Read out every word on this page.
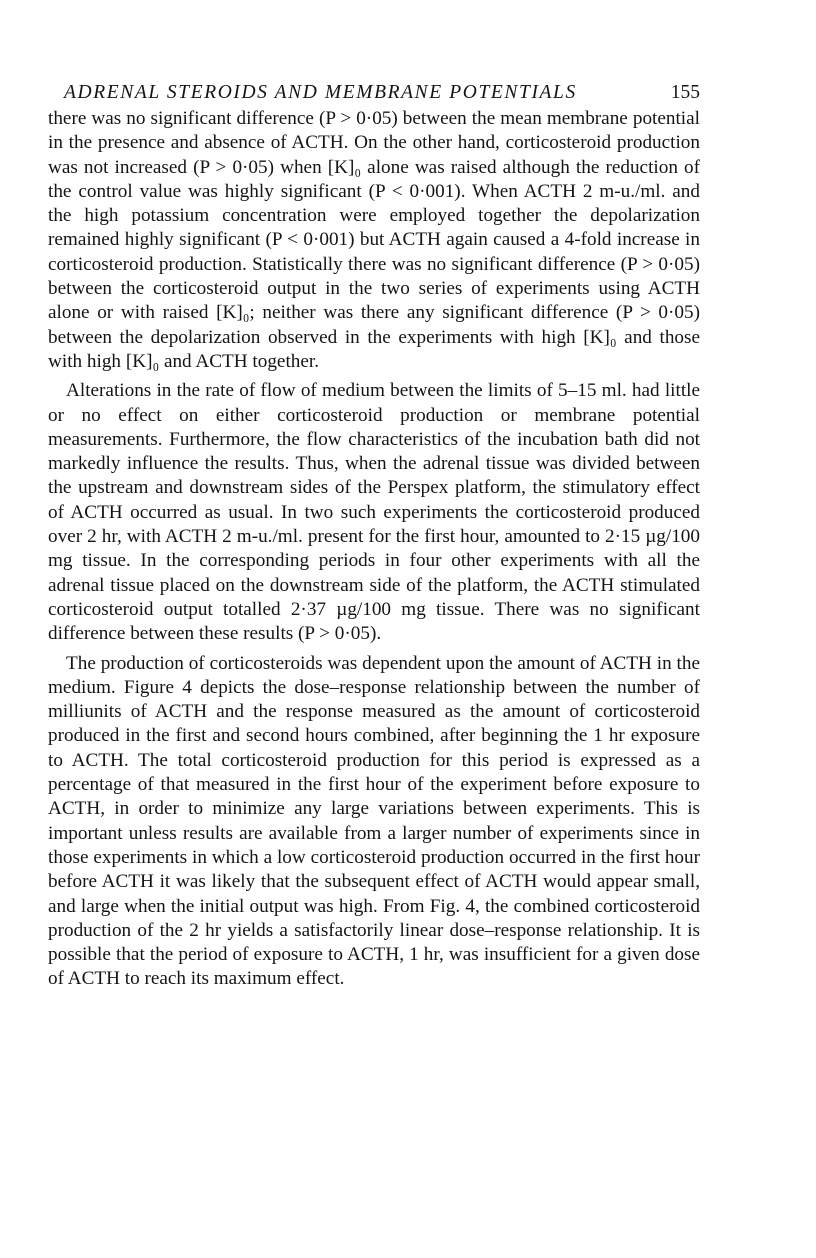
ADRENAL STEROIDS AND MEMBRANE POTENTIALS	155

there was no significant difference (P > 0·05) between the mean membrane potential in the presence and absence of ACTH. On the other hand, corticosteroid production was not increased (P > 0·05) when [K]₀ alone was raised although the reduction of the control value was highly significant (P < 0·001). When ACTH 2 m-u./ml. and the high potassium concentration were employed together the depolarization remained highly significant (P < 0·001) but ACTH again caused a 4-fold increase in corticosteroid production. Statistically there was no significant difference (P > 0·05) between the corticosteroid output in the two series of experiments using ACTH alone or with raised [K]₀; neither was there any significant difference (P > 0·05) between the depolarization observed in the experiments with high [K]₀ and those with high [K]₀ and ACTH together.

Alterations in the rate of flow of medium between the limits of 5–15 ml. had little or no effect on either corticosteroid production or membrane potential measurements. Furthermore, the flow characteristics of the incubation bath did not markedly influence the results. Thus, when the adrenal tissue was divided between the upstream and downstream sides of the Perspex platform, the stimulatory effect of ACTH occurred as usual. In two such experiments the corticosteroid produced over 2 hr, with ACTH 2 m-u./ml. present for the first hour, amounted to 2·15 µg/100 mg tissue. In the corresponding periods in four other experiments with all the adrenal tissue placed on the downstream side of the platform, the ACTH stimulated corticosteroid output totalled 2·37 µg/100 mg tissue. There was no significant difference between these results (P > 0·05).

The production of corticosteroids was dependent upon the amount of ACTH in the medium. Figure 4 depicts the dose–response relationship between the number of milliunits of ACTH and the response measured as the amount of corticosteroid produced in the first and second hours combined, after beginning the 1 hr exposure to ACTH. The total corticosteroid production for this period is expressed as a percentage of that measured in the first hour of the experiment before exposure to ACTH, in order to minimize any large variations between experiments. This is important unless results are available from a larger number of experiments since in those experiments in which a low corticosteroid production occurred in the first hour before ACTH it was likely that the subsequent effect of ACTH would appear small, and large when the initial output was high. From Fig. 4, the combined corticosteroid production of the 2 hr yields a satisfactorily linear dose–response relationship. It is possible that the period of exposure to ACTH, 1 hr, was insufficient for a given dose of ACTH to reach its maximum effect.
